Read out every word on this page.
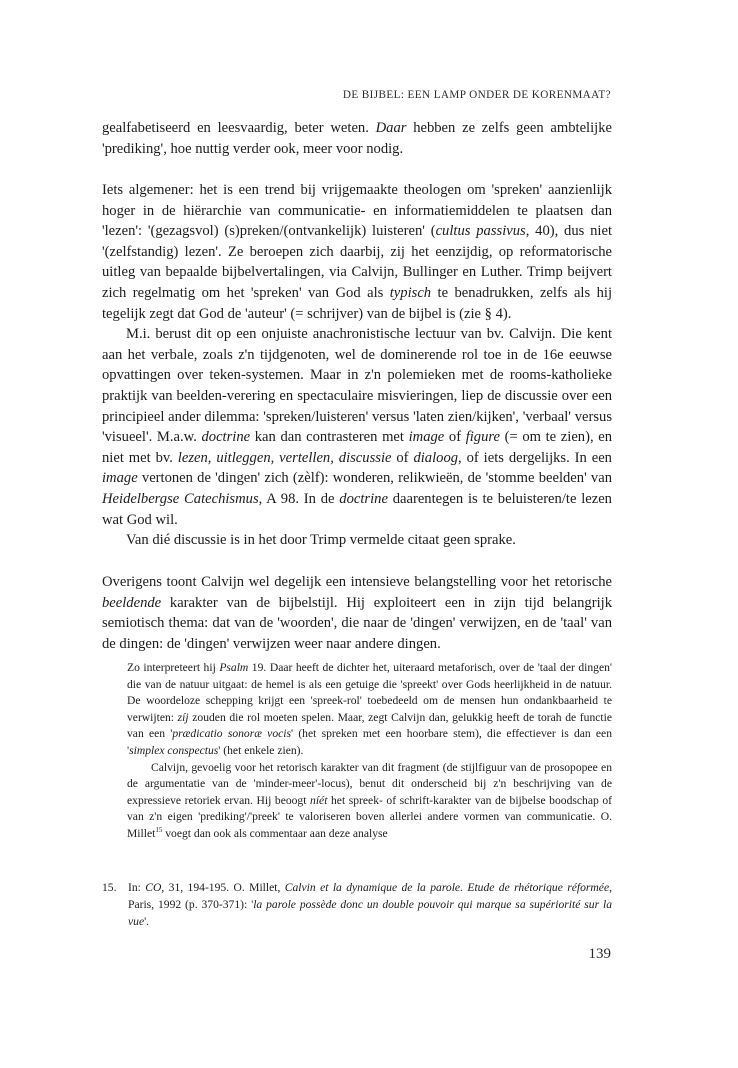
DE BIJBEL: EEN LAMP ONDER DE KORENMAAT?

gealfabetiseerd en leesvaardig, beter weten. Daar hebben ze zelfs geen ambtelijke 'prediking', hoe nuttig verder ook, meer voor nodig.

Iets algemener: het is een trend bij vrijgemaakte theologen om 'spreken' aanzienlijk hoger in de hiërarchie van communicatie- en informatiemiddelen te plaatsen dan 'lezen': '(gezagsvol) (s)preken/(ontvankelijk) luisteren' (cultus passivus, 40), dus niet '(zelfstandig) lezen'. Ze beroepen zich daarbij, zij het eenzijdig, op reformatorische uitleg van bepaalde bijbelvertalingen, via Calvijn, Bullinger en Luther. Trimp beijvert zich regelmatig om het 'spreken' van God als typisch te benadrukken, zelfs als hij tegelijk zegt dat God de 'auteur' (= schrijver) van de bijbel is (zie § 4).

M.i. berust dit op een onjuiste anachronistische lectuur van bv. Calvijn. Die kent aan het verbale, zoals z'n tijdgenoten, wel de dominerende rol toe in de 16e eeuwse opvattingen over teken-systemen. Maar in z'n polemieken met de rooms-katholieke praktijk van beelden-verering en spectaculaire misvieringen, liep de discussie over een principieel ander dilemma: 'spreken/luisteren' versus 'laten zien/kijken', 'verbaal' versus 'visueel'. M.a.w. doctrine kan dan contrasteren met image of figure (= om te zien), en niet met bv. lezen, uitleggen, vertellen, discussie of dialoog, of iets dergelijks. In een image vertonen de 'dingen' zich (zèlf): wonderen, relikwieën, de 'stomme beelden' van Heidelbergse Catechismus, A 98. In de doctrine daarentegen is te beluisteren/te lezen wat God wil.

Van dié discussie is in het door Trimp vermelde citaat geen sprake.

Overigens toont Calvijn wel degelijk een intensieve belangstelling voor het retorische beeldende karakter van de bijbelstijl. Hij exploiteert een in zijn tijd belangrijk semiotisch thema: dat van de 'woorden', die naar de 'dingen' verwijzen, en de 'taal' van de dingen: de 'dingen' verwijzen weer naar andere dingen.

Zo interpreteert hij Psalm 19. Daar heeft de dichter het, uiteraard metaforisch, over de 'taal der dingen' die van de natuur uitgaat: de hemel is als een getuige die 'spreekt' over Gods heerlijkheid in de natuur. De woordeloze schepping krijgt een 'spreek-rol' toebedeeld om de mensen hun ondankbaarheid te verwijten: zíj zouden die rol moeten spelen. Maar, zegt Calvijn dan, gelukkig heeft de torah de functie van een 'prædicatio sonoræ vocis' (het spreken met een hoorbare stem), die effectiever is dan een 'simplex conspectus' (het enkele zien).

Calvijn, gevoelig voor het retorisch karakter van dit fragment (de stijlfiguur van de prosopopee en de argumentatie van de 'minder-meer'-locus), benut dit onderscheid bij z'n beschrijving van de expressieve retoriek ervan. Hij beoogt níét het spreek- of schrift-karakter van de bijbelse boodschap of van z'n eigen 'prediking'/'preek' te valoriseren boven allerlei andere vormen van communicatie. O. Millet$^{15}$ voegt dan ook als commentaar aan deze analyse

15. In: CO, 31, 194-195. O. Millet, Calvin et la dynamique de la parole. Etude de rhétorique réformée, Paris, 1992 (p. 370-371): 'la parole possède donc un double pouvoir qui marque sa supériorité sur la vue'.

139
